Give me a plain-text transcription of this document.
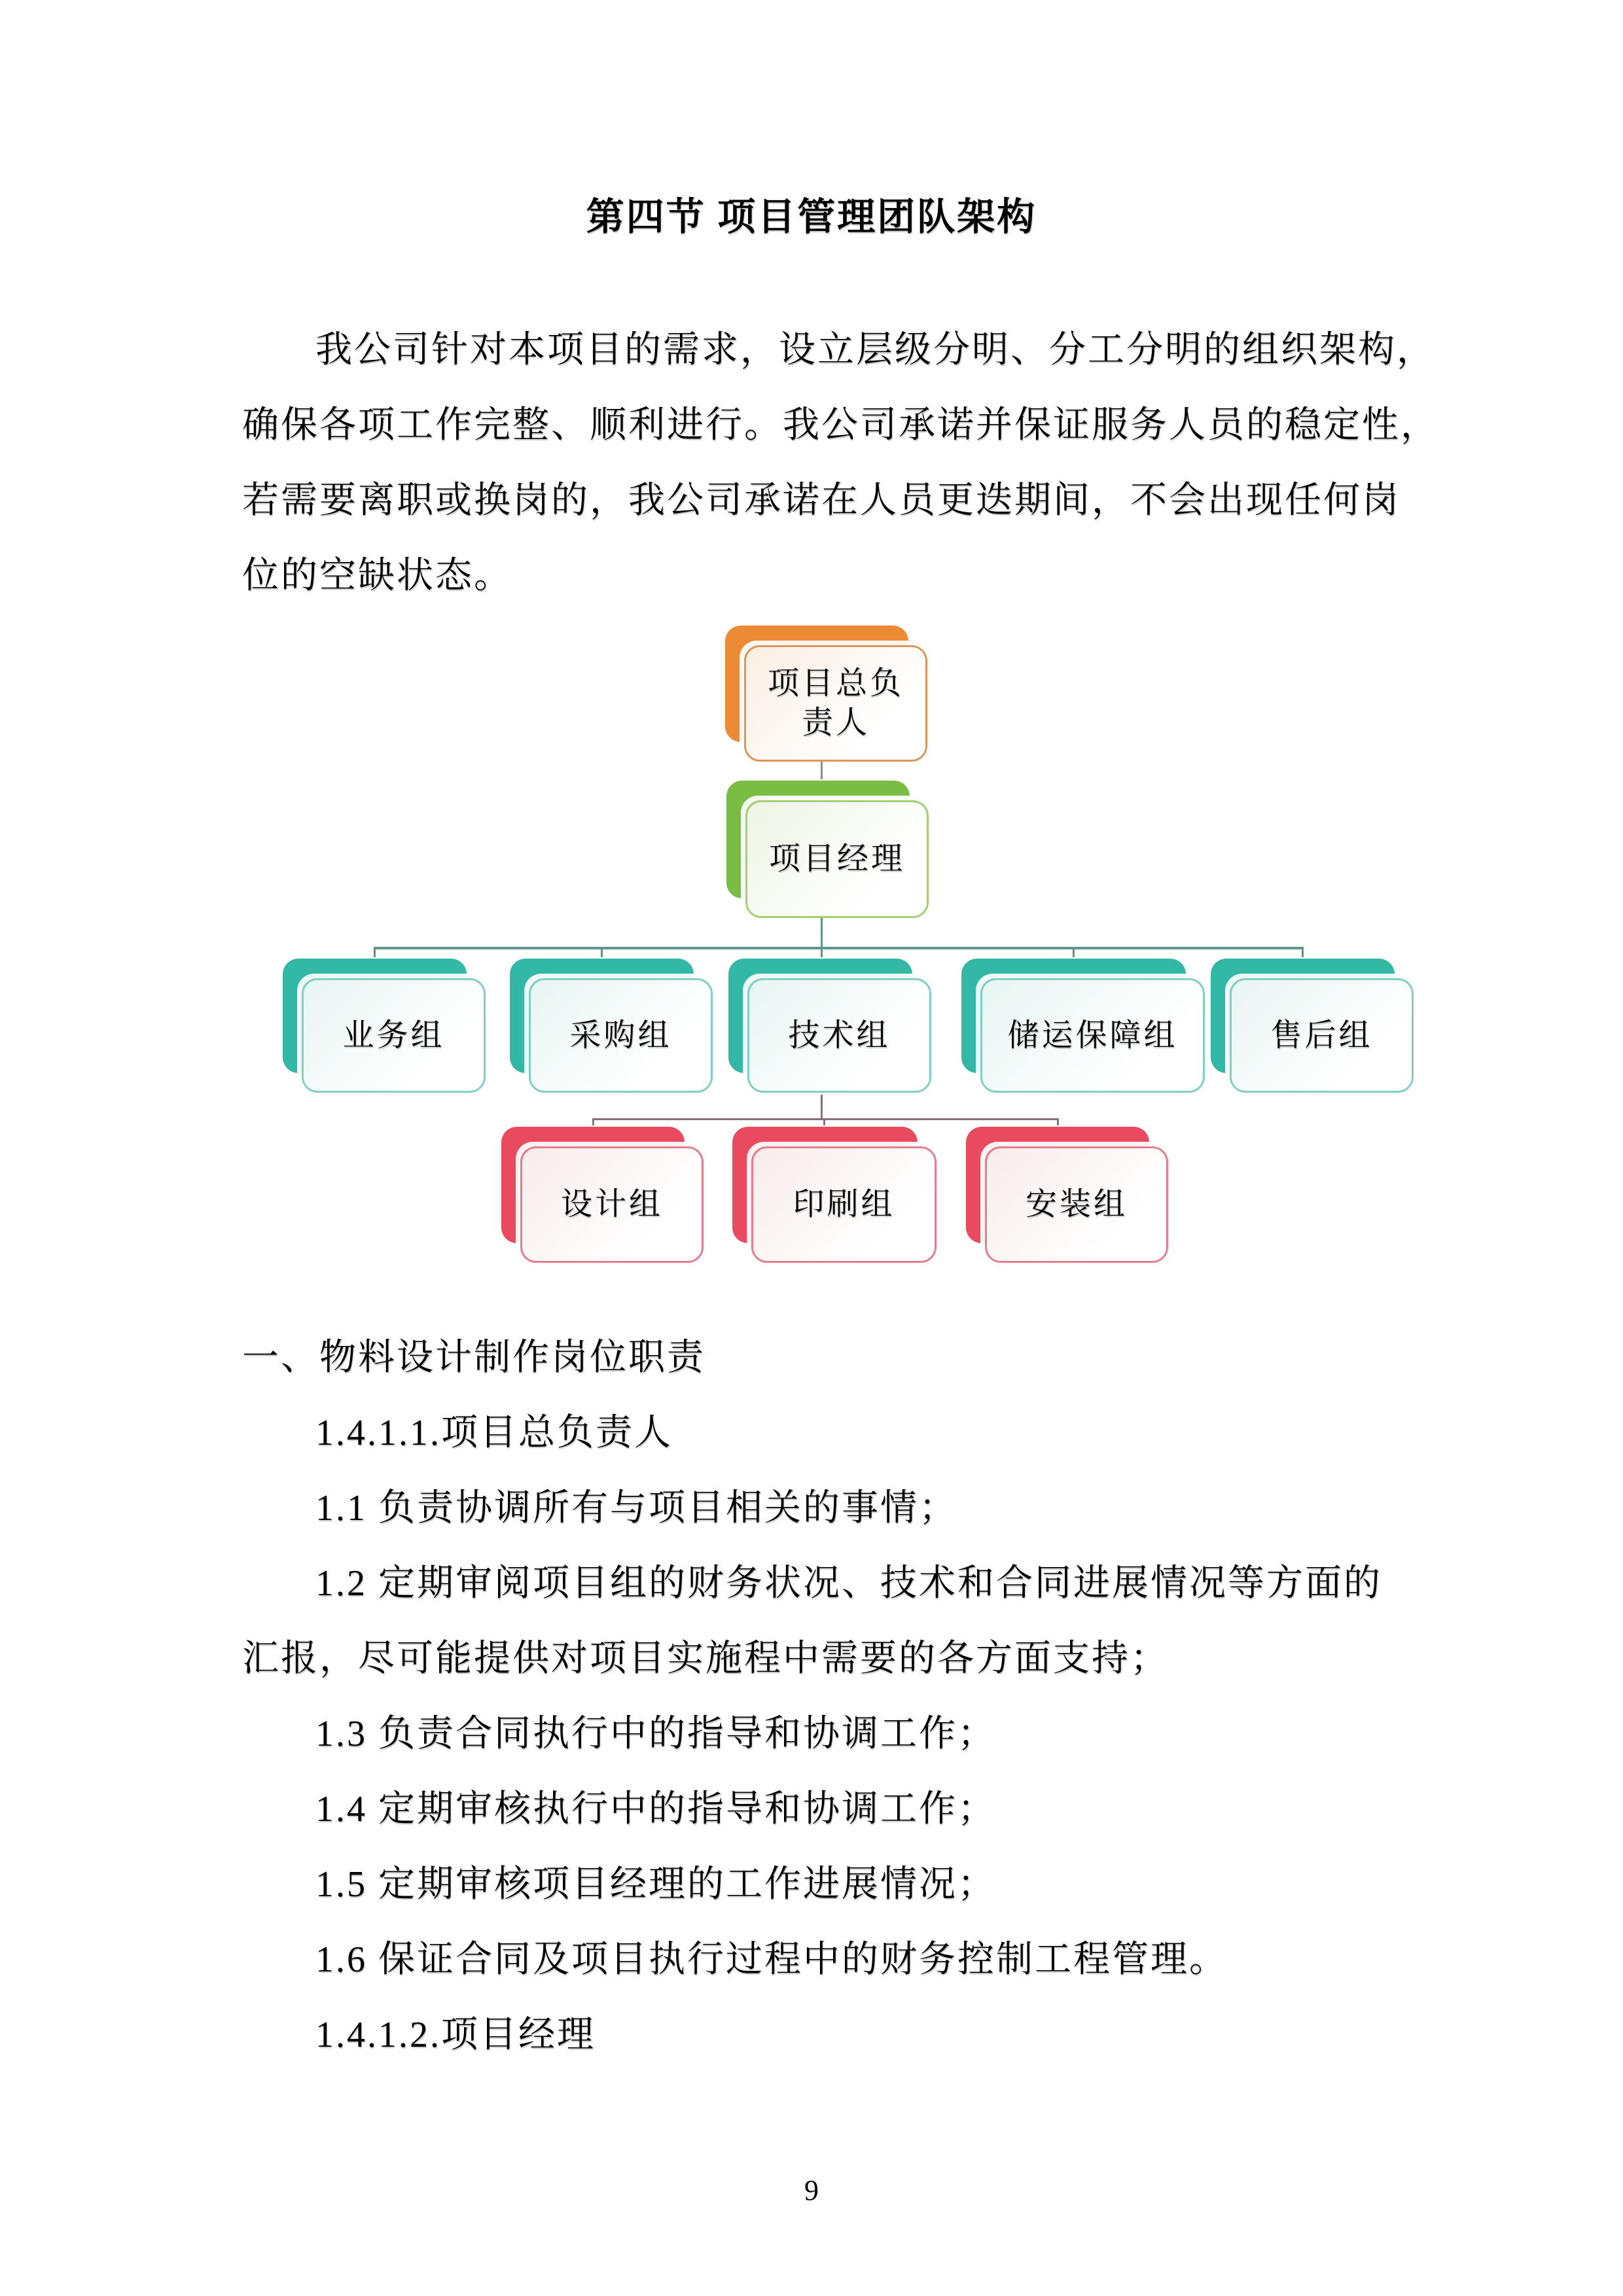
第四节 项目管理团队架构
我公司针对本项目的需求，设立层级分明、分工分明的组织架构，
确保各项工作完整、顺利进行。我公司承诺并保证服务人员的稳定性，
若需要离职或换岗的，我公司承诺在人员更迭期间，不会出现任何岗
位的空缺状态。
项目总负责人
项目经理
业务组	采购组	技术组	储运保障组	售后组
设计组	印刷组	安装组
一、物料设计制作岗位职责
1.4.1.1.项目总负责人
1.1 负责协调所有与项目相关的事情；
1.2 定期审阅项目组的财务状况、技术和合同进展情况等方面的
汇报，尽可能提供对项目实施程中需要的各方面支持；
1.3 负责合同执行中的指导和协调工作；
1.4 定期审核执行中的指导和协调工作；
1.5 定期审核项目经理的工作进展情况；
1.6 保证合同及项目执行过程中的财务控制工程管理。
1.4.1.2.项目经理
9
